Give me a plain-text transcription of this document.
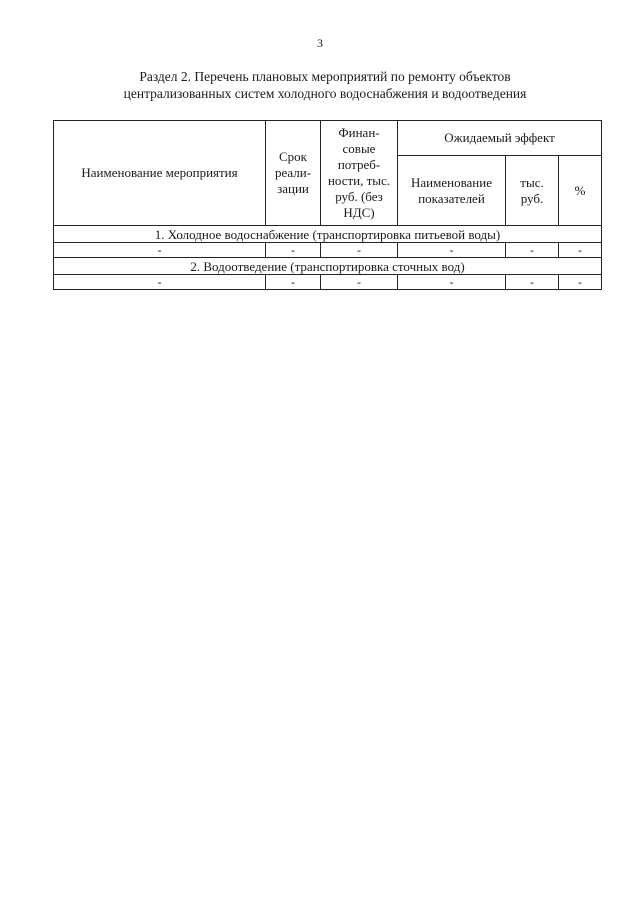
3
Раздел 2. Перечень плановых мероприятий по ремонту объектов
централизованных систем холодного водоснабжения и водоотведения
Наименование мероприятия	Срок реали-зации	Финан-совые потреб-ности, тыс. руб. (без НДС)	Ожидаемый эффект		
			Наименование показателей	тыс. руб.	%
1. Холодное водоснабжение (транспортировка питьевой воды)					
-	-	-	-	-	-
2. Водоотведение (транспортировка сточных вод)					
-	-	-	-	-	-
